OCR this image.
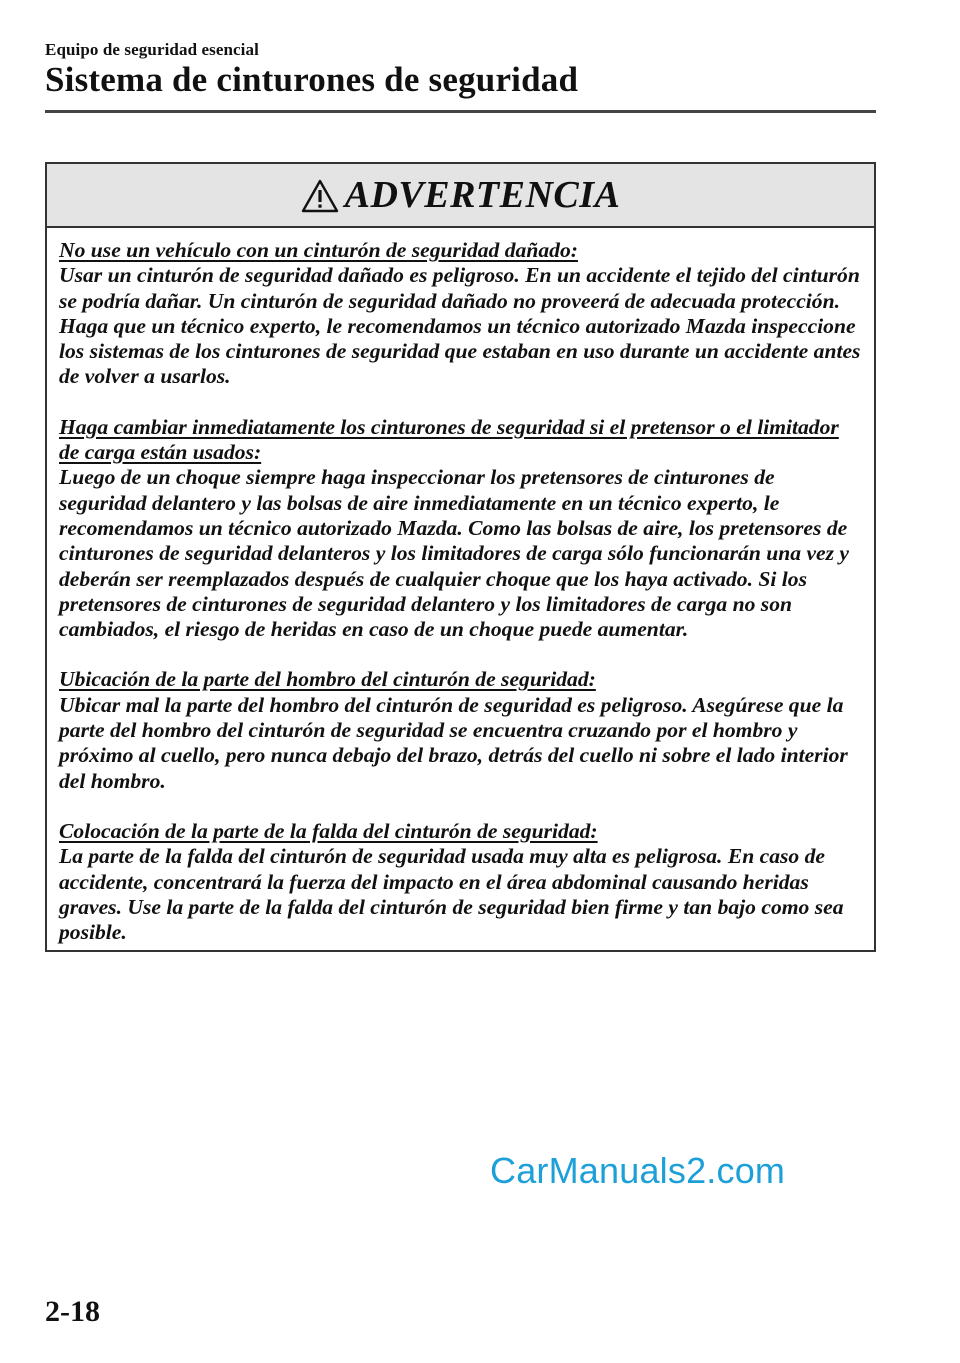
Equipo de seguridad esencial
Sistema de cinturones de seguridad
ADVERTENCIA

No use un vehículo con un cinturón de seguridad dañado:
Usar un cinturón de seguridad dañado es peligroso. En un accidente el tejido del cinturón se podría dañar. Un cinturón de seguridad dañado no proveerá de adecuada protección. Haga que un técnico experto, le recomendamos un técnico autorizado Mazda inspeccione los sistemas de los cinturones de seguridad que estaban en uso durante un accidente antes de volver a usarlos.

Haga cambiar inmediatamente los cinturones de seguridad si el pretensor o el limitador de carga están usados:
Luego de un choque siempre haga inspeccionar los pretensores de cinturones de seguridad delantero y las bolsas de aire inmediatamente en un técnico experto, le recomendamos un técnico autorizado Mazda. Como las bolsas de aire, los pretensores de cinturones de seguridad delanteros y los limitadores de carga sólo funcionarán una vez y deberán ser reemplazados después de cualquier choque que los haya activado. Si los pretensores de cinturones de seguridad delantero y los limitadores de carga no son cambiados, el riesgo de heridas en caso de un choque puede aumentar.

Ubicación de la parte del hombro del cinturón de seguridad:
Ubicar mal la parte del hombro del cinturón de seguridad es peligroso. Asegúrese que la parte del hombro del cinturón de seguridad se encuentra cruzando por el hombro y próximo al cuello, pero nunca debajo del brazo, detrás del cuello ni sobre el lado interior del hombro.

Colocación de la parte de la falda del cinturón de seguridad:
La parte de la falda del cinturón de seguridad usada muy alta es peligrosa. En caso de accidente, concentrará la fuerza del impacto en el área abdominal causando heridas graves. Use la parte de la falda del cinturón de seguridad bien firme y tan bajo como sea posible.

CarManuals2.com
2-18
